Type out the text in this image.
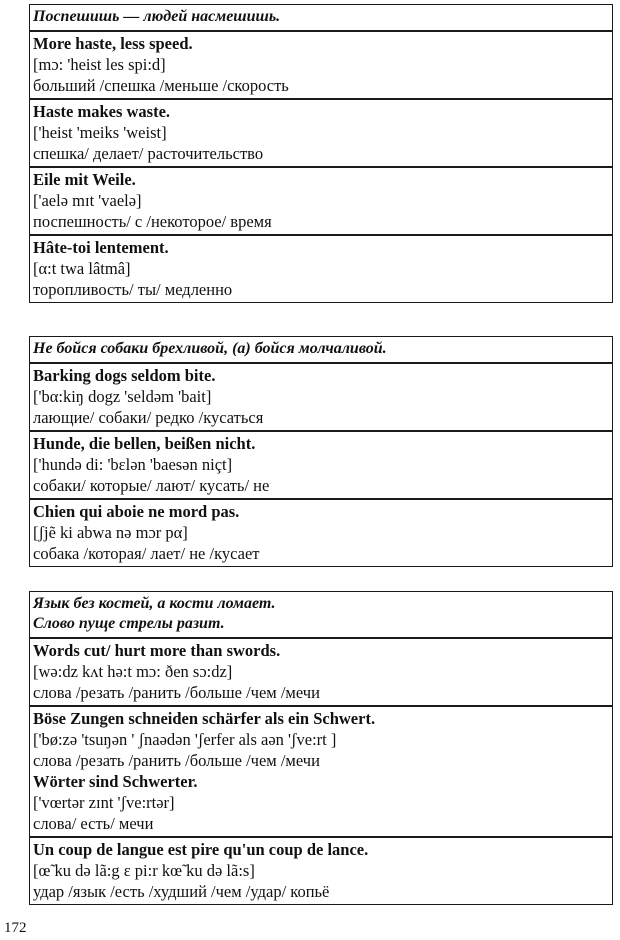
Поспешишь — людей насмешишь.
More haste, less speed.
[mɔ: 'heist les spi:d]
больший /спешка /меньше /скорость
Haste makes waste.
['heist 'meiks 'weist]
спешка/ делает/ расточительство
Eile mit Weile.
['aelə mɪt 'vaelə]
поспешность/ с /некоторое/ время
Hâte-toi lentement.
[α:t twa lâtmâ]
торопливость/ ты/ медленно
Не бойся собаки брехливой, (а) бойся молчаливой.
Barking dogs seldom bite.
['bα:kiŋ dogz 'seldəm 'bait]
лающие/ собаки/ редко /кусаться
Hunde, die bellen, beißen nicht.
['hundə di: 'bɛlən 'baesən niçt]
собаки/ которые/ лают/ кусать/ не
Chien qui aboie ne mord pas.
[ʃjẽ ki abwa nə mɔr pα]
собака /которая/ лает/ не /кусает
Язык без костей, а кости ломает.
Слово пуще стрелы разит.
Words cut/ hurt more than swords.
[wə:dz kʌt hə:t mɔ: ðen sɔ:dz]
слова /резать /ранить /больше /чем /мечи
Böse Zungen schneiden schärfer als ein Schwert.
['bø:zə 'tsuŋən ' ʃnaədən 'ʃerfer als aən 'ʃve:rt ]
слова /резать /ранить /больше /чем /мечи
Wörter sind Schwerter.
['vœrtər zɪnt 'ʃve:rtər]
слова/ есть/ мечи
Un coup de langue est pire qu'un coup de lance.
[œ̃ ku də lã:g ε pi:r kœ̃ ku də lã:s]
удар /язык /есть /худший /чем /удар/ копьё
172
